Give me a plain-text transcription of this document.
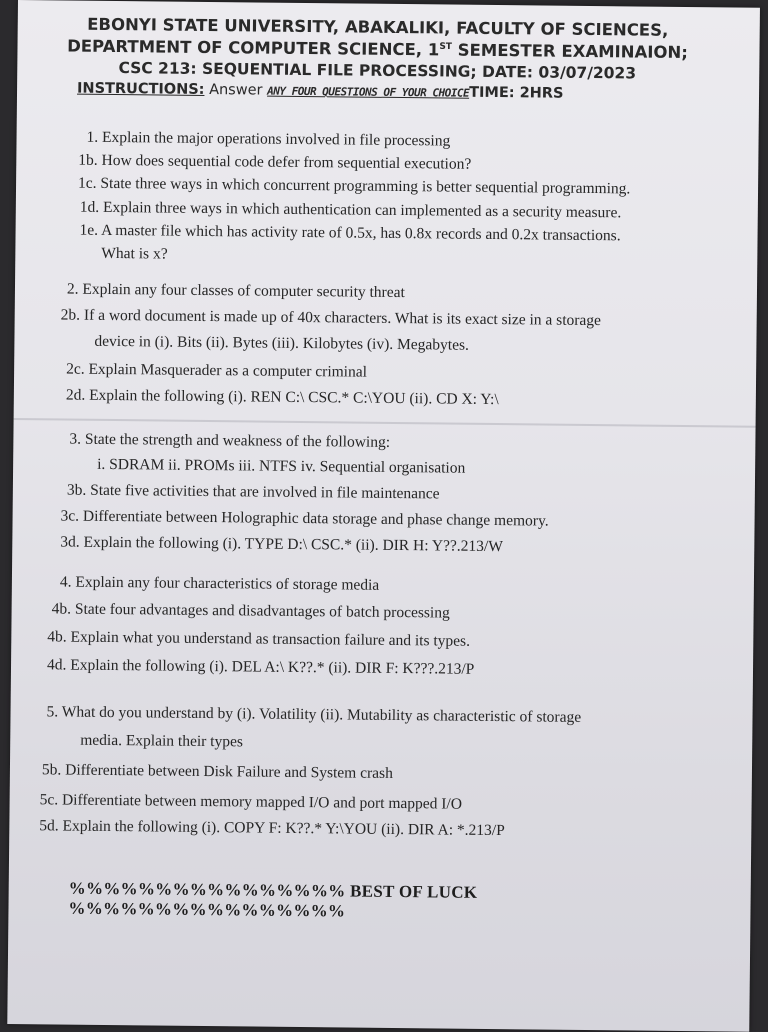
EBONYI STATE UNIVERSITY, ABAKALIKI, FACULTY OF SCIENCES,
DEPARTMENT OF COMPUTER SCIENCE, 1ST SEMESTER EXAMINAION;
CSC 213: SEQUENTIAL FILE PROCESSING; DATE: 03/07/2023
INSTRUCTIONS: Answer ANY FOUR QUESTIONS OF YOUR CHOICETIME: 2HRS
1. Explain the major operations involved in file processing
1b. How does sequential code defer from sequential execution?
1c. State three ways in which concurrent programming is better sequential programming.
1d. Explain three ways in which authentication can implemented as a security measure.
1e. A master file which has activity rate of 0.5x, has 0.8x records and 0.2x transactions.
What is x?
2. Explain any four classes of computer security threat
2b. If a word document is made up of 40x characters. What is its exact size in a storage
device in (i). Bits (ii). Bytes (iii). Kilobytes (iv). Megabytes.
2c. Explain Masquerader as a computer criminal
2d. Explain the following (i). REN C:\ CSC.* C:\YOU (ii). CD X: Y:\
3. State the strength and weakness of the following:
i. SDRAM ii. PROMs iii. NTFS iv. Sequential organisation
3b. State five activities that are involved in file maintenance
3c. Differentiate between Holographic data storage and phase change memory.
3d. Explain the following (i). TYPE D:\ CSC.* (ii). DIR H: Y??.213/W
4. Explain any four characteristics of storage media
4b. State four advantages and disadvantages of batch processing
4b. Explain what you understand as transaction failure and its types.
4d. Explain the following (i). DEL A:\ K??.* (ii). DIR F: K???.213/P
5. What do you understand by (i). Volatility (ii). Mutability as characteristic of storage
media. Explain their types
5b. Differentiate between Disk Failure and System crash
5c. Differentiate between memory mapped I/O and port mapped I/O
5d. Explain the following (i). COPY F: K??.* Y:\YOU (ii). DIR A: *.213/P
%%%%%%%%%%%%%%%% BEST OF LUCK %%%%%%%%%%%%%%%%
